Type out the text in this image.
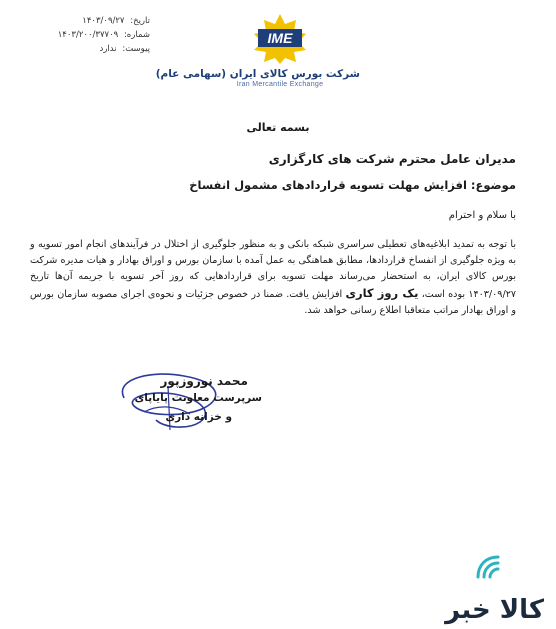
تاریخ: ۱۴۰۳/۰۹/۲۷
شماره: ۱۴۰۳/۲۰۰/۳۷۷۰۹
پیوست: ندارد
IME
شرکت بورس کالای ایران (سهامی عام)
Iran Mercantile Exchange
بسمه تعالی
مدیران عامل محترم شرکت های کارگزاری
موضوع: افزایش مهلت تسویه قراردادهای مشمول انفساخ
با سلام و احترام
با توجه به تمدید ابلاغیه‌های تعطیلی سراسری شبکه بانکی و به منظور جلوگیری از اختلال در فرآیندهای انجام امور تسویه و به ویژه جلوگیری از انفساخ قراردادها، مطابق هماهنگی به عمل آمده با سازمان بورس و اوراق بهادار و هیات مدیره شرکت بورس کالای ایران، به استحضار می‌رساند مهلت تسویه برای قراردادهایی که روز آخر تسویه با جریمه آن‌ها تاریخ ۱۴۰۳/۰۹/۲۷ بوده است، یک روز کاری افزایش یافت. ضمنا در خصوص جزئیات و نحوه‌ی اجرای مصوبه سازمان بورس و اوراق بهادار مراتب متعاقبا اطلاع رسانی خواهد شد.
محمد نوروزپور
سرپرست معاونت پایاپای
و خزانه داری
کالا خبر
